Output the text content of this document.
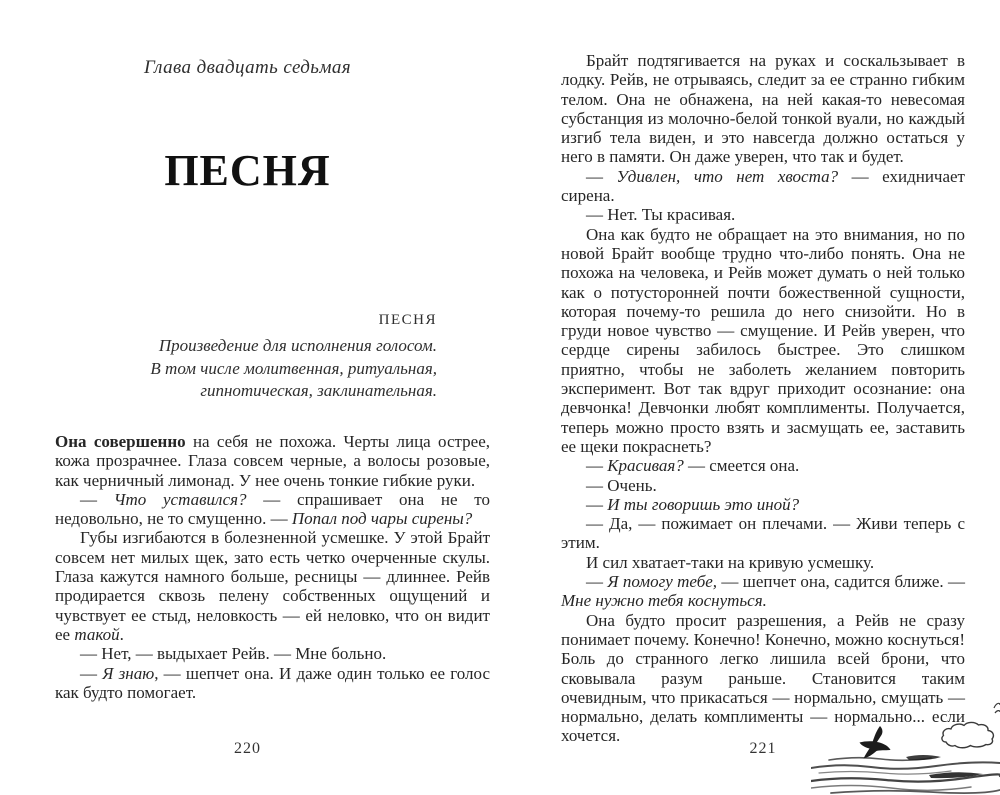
Глава двадцать седьмая
ПЕСНЯ
ПЕСНЯ
Произведение для исполнения голосом.
В том числе молитвенная, ритуальная,
гипнотическая, заклинательная.

Она совершенно на себя не похожа. Черты лица острее, кожа прозрачнее. Глаза совсем черные, а волосы розовые, как черничный лимонад. У нее очень тонкие гибкие руки.

— Что уставился? — спрашивает она не то недовольно, не то смущенно. — Попал под чары сирены?

Губы изгибаются в болезненной усмешке. У этой Брайт совсем нет милых щек, зато есть четко очерченные скулы. Глаза кажутся намного больше, ресницы — длиннее. Рейв продирается сквозь пелену собственных ощущений и чувствует ее стыд, неловкость — ей неловко, что он видит ее такой.

— Нет, — выдыхает Рейв. — Мне больно.

— Я знаю, — шепчет она. И даже один только ее голос как будто помогает.

220

Брайт подтягивается на руках и соскальзывает в лодку. Рейв, не отрываясь, следит за ее странно гибким телом. Она не обнажена, на ней какая-то невесомая субстанция из молочно-белой тонкой вуали, но каждый изгиб тела виден, и это навсегда должно остаться у него в памяти. Он даже уверен, что так и будет.

— Удивлен, что нет хвоста? — ехидничает сирена.

— Нет. Ты красивая.

Она как будто не обращает на это внимания, но по новой Брайт вообще трудно что-либо понять. Она не похожа на человека, и Рейв может думать о ней только как о потусторонней почти божественной сущности, которая почему-то решила до него снизойти. Но в груди новое чувство — смущение. И Рейв уверен, что сердце сирены забилось быстрее. Это слишком приятно, чтобы не заболеть желанием повторить эксперимент. Вот так вдруг приходит осознание: она девчонка! Девчонки любят комплименты. Получается, теперь можно просто взять и засмущать ее, заставить ее щеки покраснеть?

— Красивая? — смеется она.

— Очень.

— И ты говоришь это иной?

— Да, — пожимает он плечами. — Живи теперь с этим.

И сил хватает-таки на кривую усмешку.

— Я помогу тебе, — шепчет она, садится ближе. — Мне нужно тебя коснуться.

Она будто просит разрешения, а Рейв не сразу понимает почему. Конечно! Конечно, можно коснуться! Боль до странного легко лишила всей брони, что сковывала разум раньше. Становится таким очевидным, что прикасаться — нормально, смущать — нормально, делать комплименты — нормально... если хочется.

221
